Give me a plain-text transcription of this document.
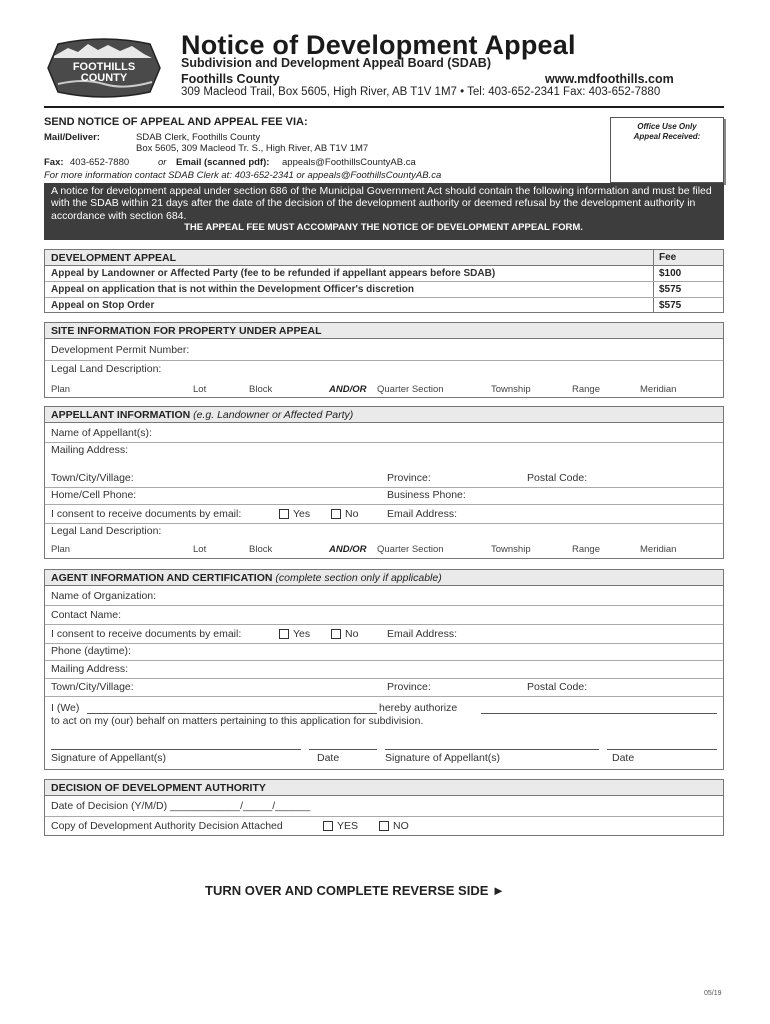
FOOTHILLS
COUNTY
Notice of Development Appeal
Subdivision and Development Appeal Board (SDAB)
Foothills County	www.mdfoothills.com
309 Macleod Trail, Box 5605, High River, AB T1V 1M7 • Tel: 403-652-2341 Fax: 403-652-7880
SEND NOTICE OF APPEAL AND APPEAL FEE VIA:
Mail/Deliver:	SDAB Clerk, Foothills County
Box 5605, 309 Macleod Tr. S., High River, AB T1V 1M7
Fax: 403-652-7880	or Email (scanned pdf): appeals@FoothillsCountyAB.ca
For more information contact SDAB Clerk at: 403-652-2341 or appeals@FoothillsCountyAB.ca
Office Use Only
Appeal Received:

A notice for development appeal under section 686 of the Municipal Government Act should contain the following information and must be filed with the SDAB within 21 days after the date of the decision of the development authority or deemed refusal by the development authority in accordance with section 684.

THE APPEAL FEE MUST ACCOMPANY THE NOTICE OF DEVELOPMENT APPEAL FORM.

DEVELOPMENT APPEAL	Fee
Appeal by Landowner or Affected Party (fee to be refunded if appellant appears before SDAB)	$100
Appeal on application that is not within the Development Officer's discretion	$575
Appeal on Stop Order	$575
SITE INFORMATION FOR PROPERTY UNDER APPEAL
Development Permit Number:
Legal Land Description:
Plan	Lot	Block	AND/OR Quarter Section	Township	Range	Meridian
APPELLANT INFORMATION (e.g. Landowner or Affected Party)
Name of Appellant(s):
Mailing Address:
Town/City/Village:	Province:	Postal Code:
Home/Cell Phone:	Business Phone:
I consent to receive documents by email:	Yes	No	Email Address:
Legal Land Description:
Plan	Lot	Block	AND/OR Quarter Section	Township	Range	Meridian
AGENT INFORMATION AND CERTIFICATION (complete section only if applicable)
Name of Organization:
Contact Name:
I consent to receive documents by email:	Yes	No	Email Address:
Phone (daytime):
Mailing Address:
Town/City/Village:	Province:	Postal Code:
I (We)	hereby authorize
to act on my (our) behalf on matters pertaining to this application for subdivision.
Signature of Appellant(s)	Date	Signature of Appellant(s)	Date
DECISION OF DEVELOPMENT AUTHORITY
Date of Decision (Y/M/D) ____________/_____/______
Copy of Development Authority Decision Attached	YES	NO
TURN OVER AND COMPLETE REVERSE SIDE ►
05/19
